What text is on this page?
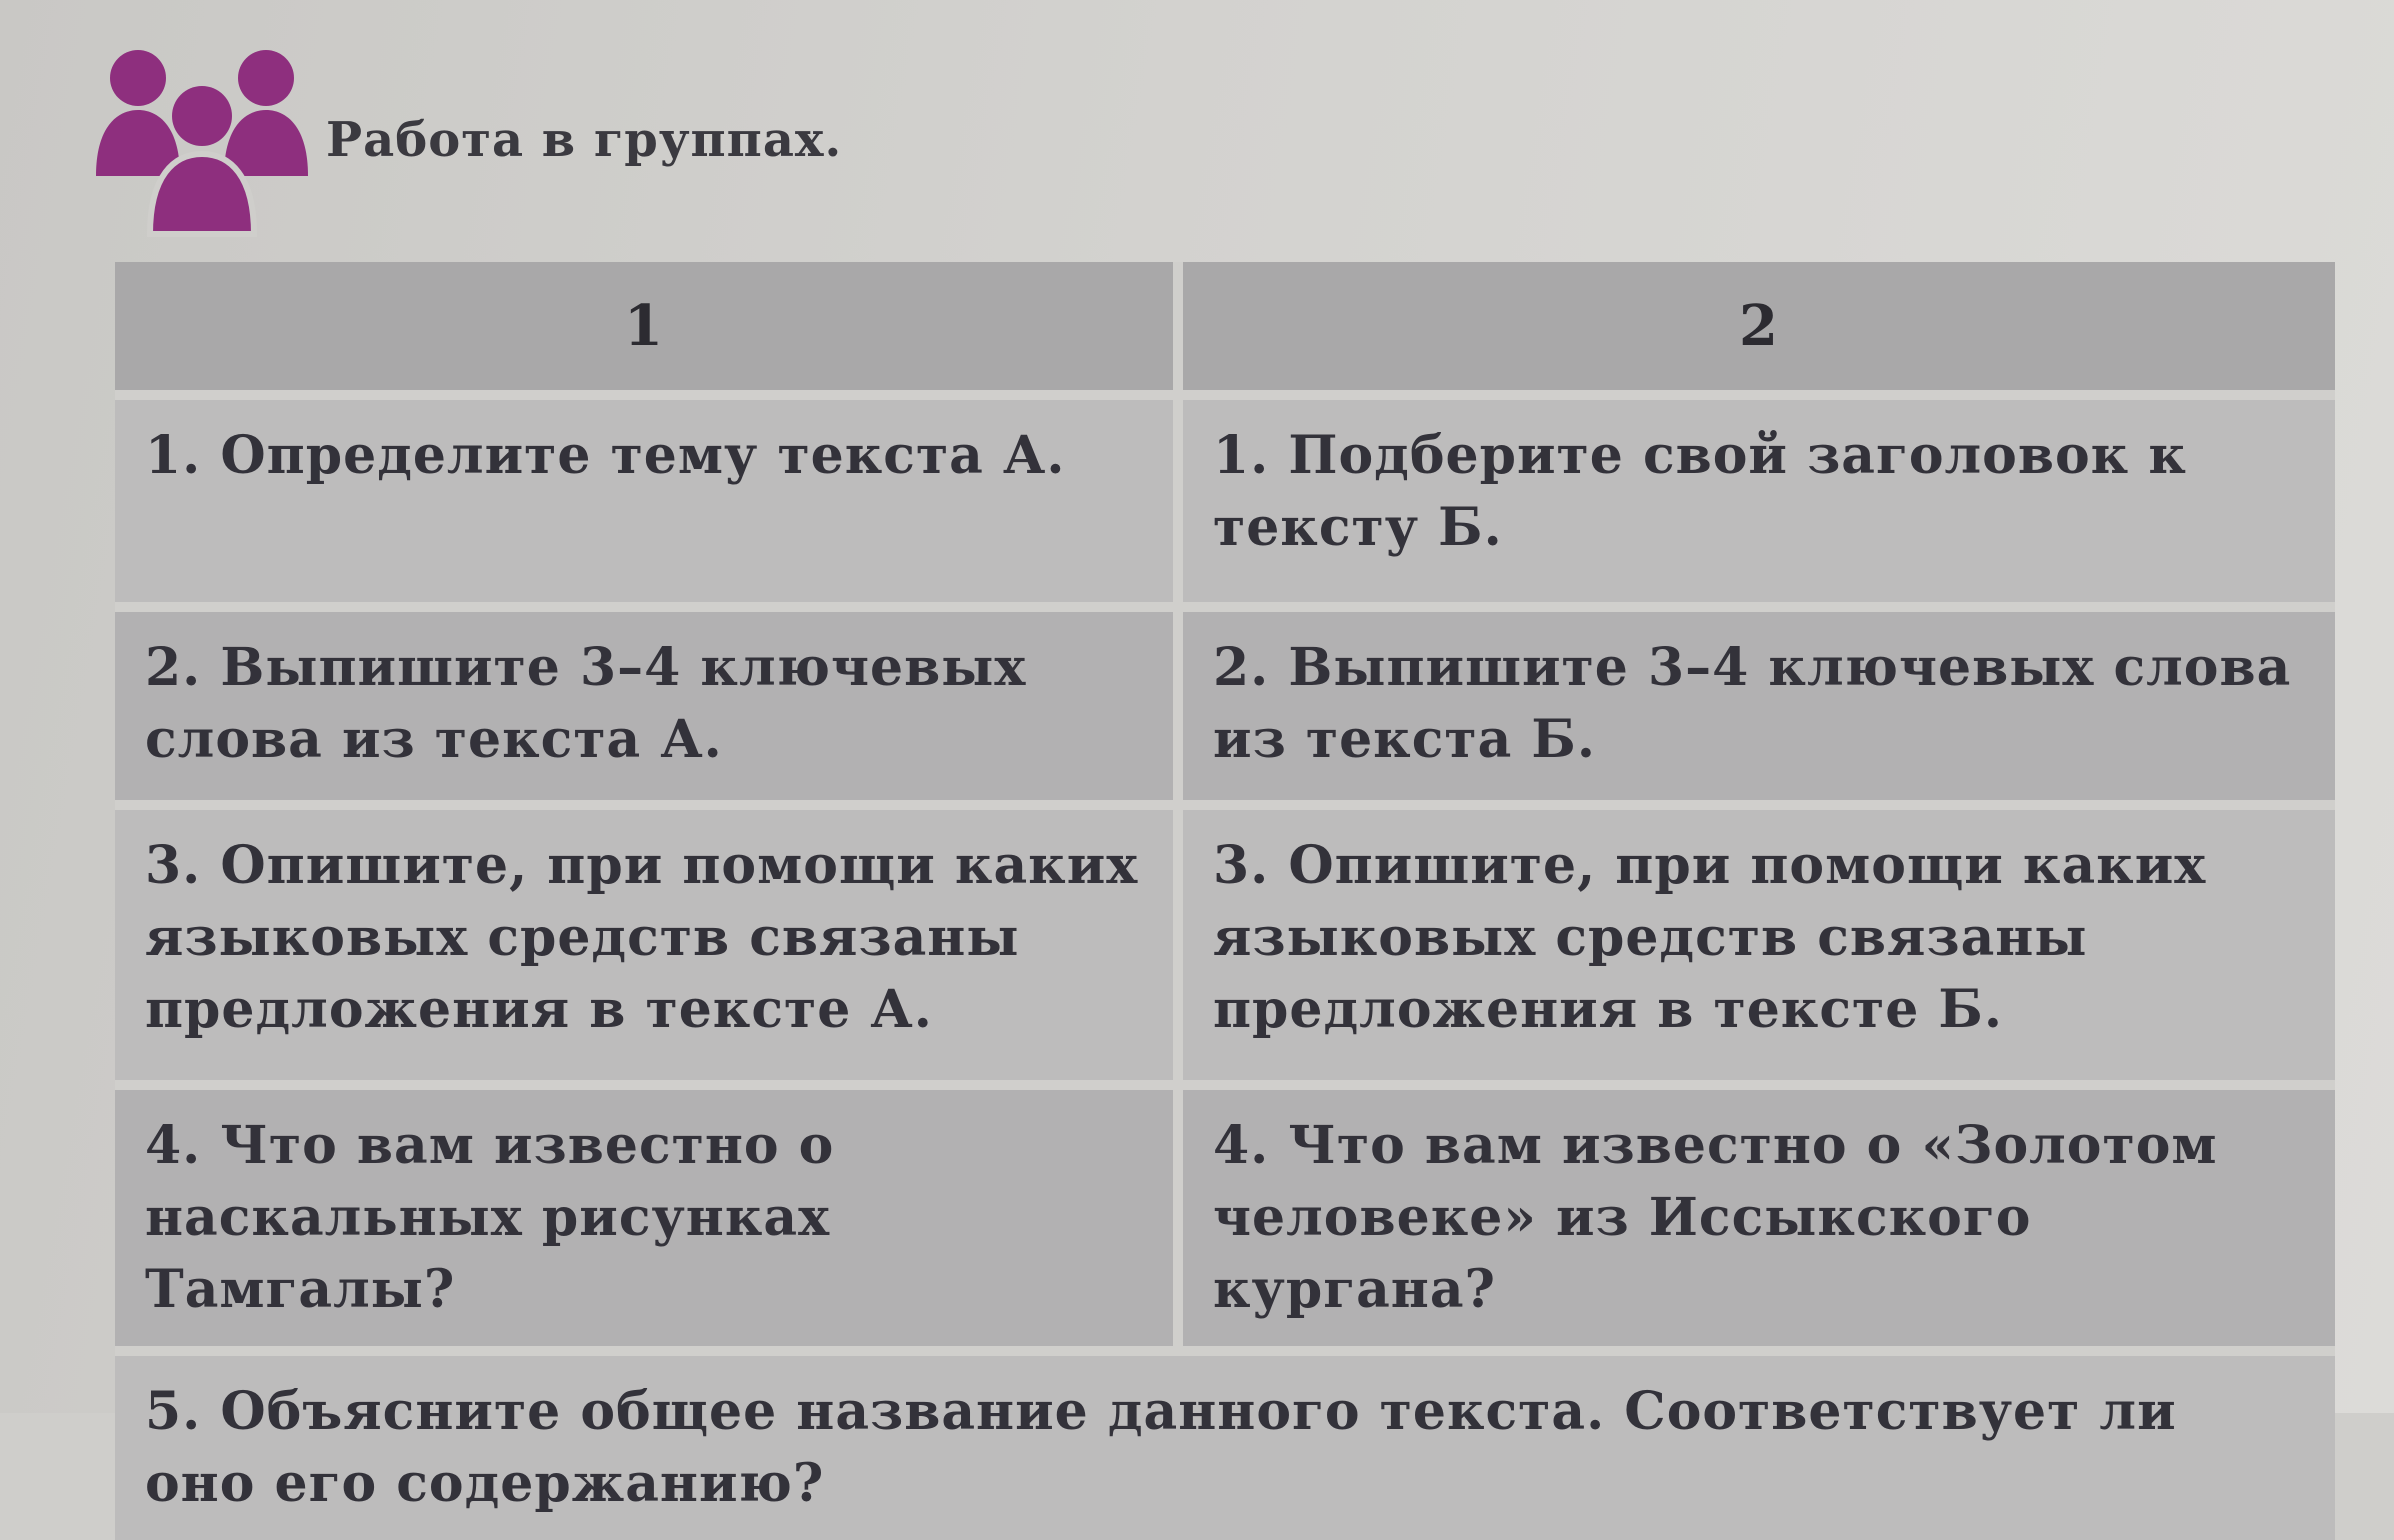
Работа в группах.
1	2

1. Определите тему текста А.	1. Подберите свой заголовок к тексту Б.

2. Выпишите 3–4 ключевых слова из текста А.	2. Выпишите 3–4 ключевых слова из текста Б.

3. Опишите, при помощи каких языковых средств связаны предложения в тексте А.	3. Опишите, при помощи каких языковых средств связаны предложения в тексте Б.

4. Что вам известно о наскальных рисунках Тамгалы?	4. Что вам известно о «Золотом человеке» из Иссыкского кургана?

5. Объясните общее название данного текста. Соответствует ли оно его содержанию?	
